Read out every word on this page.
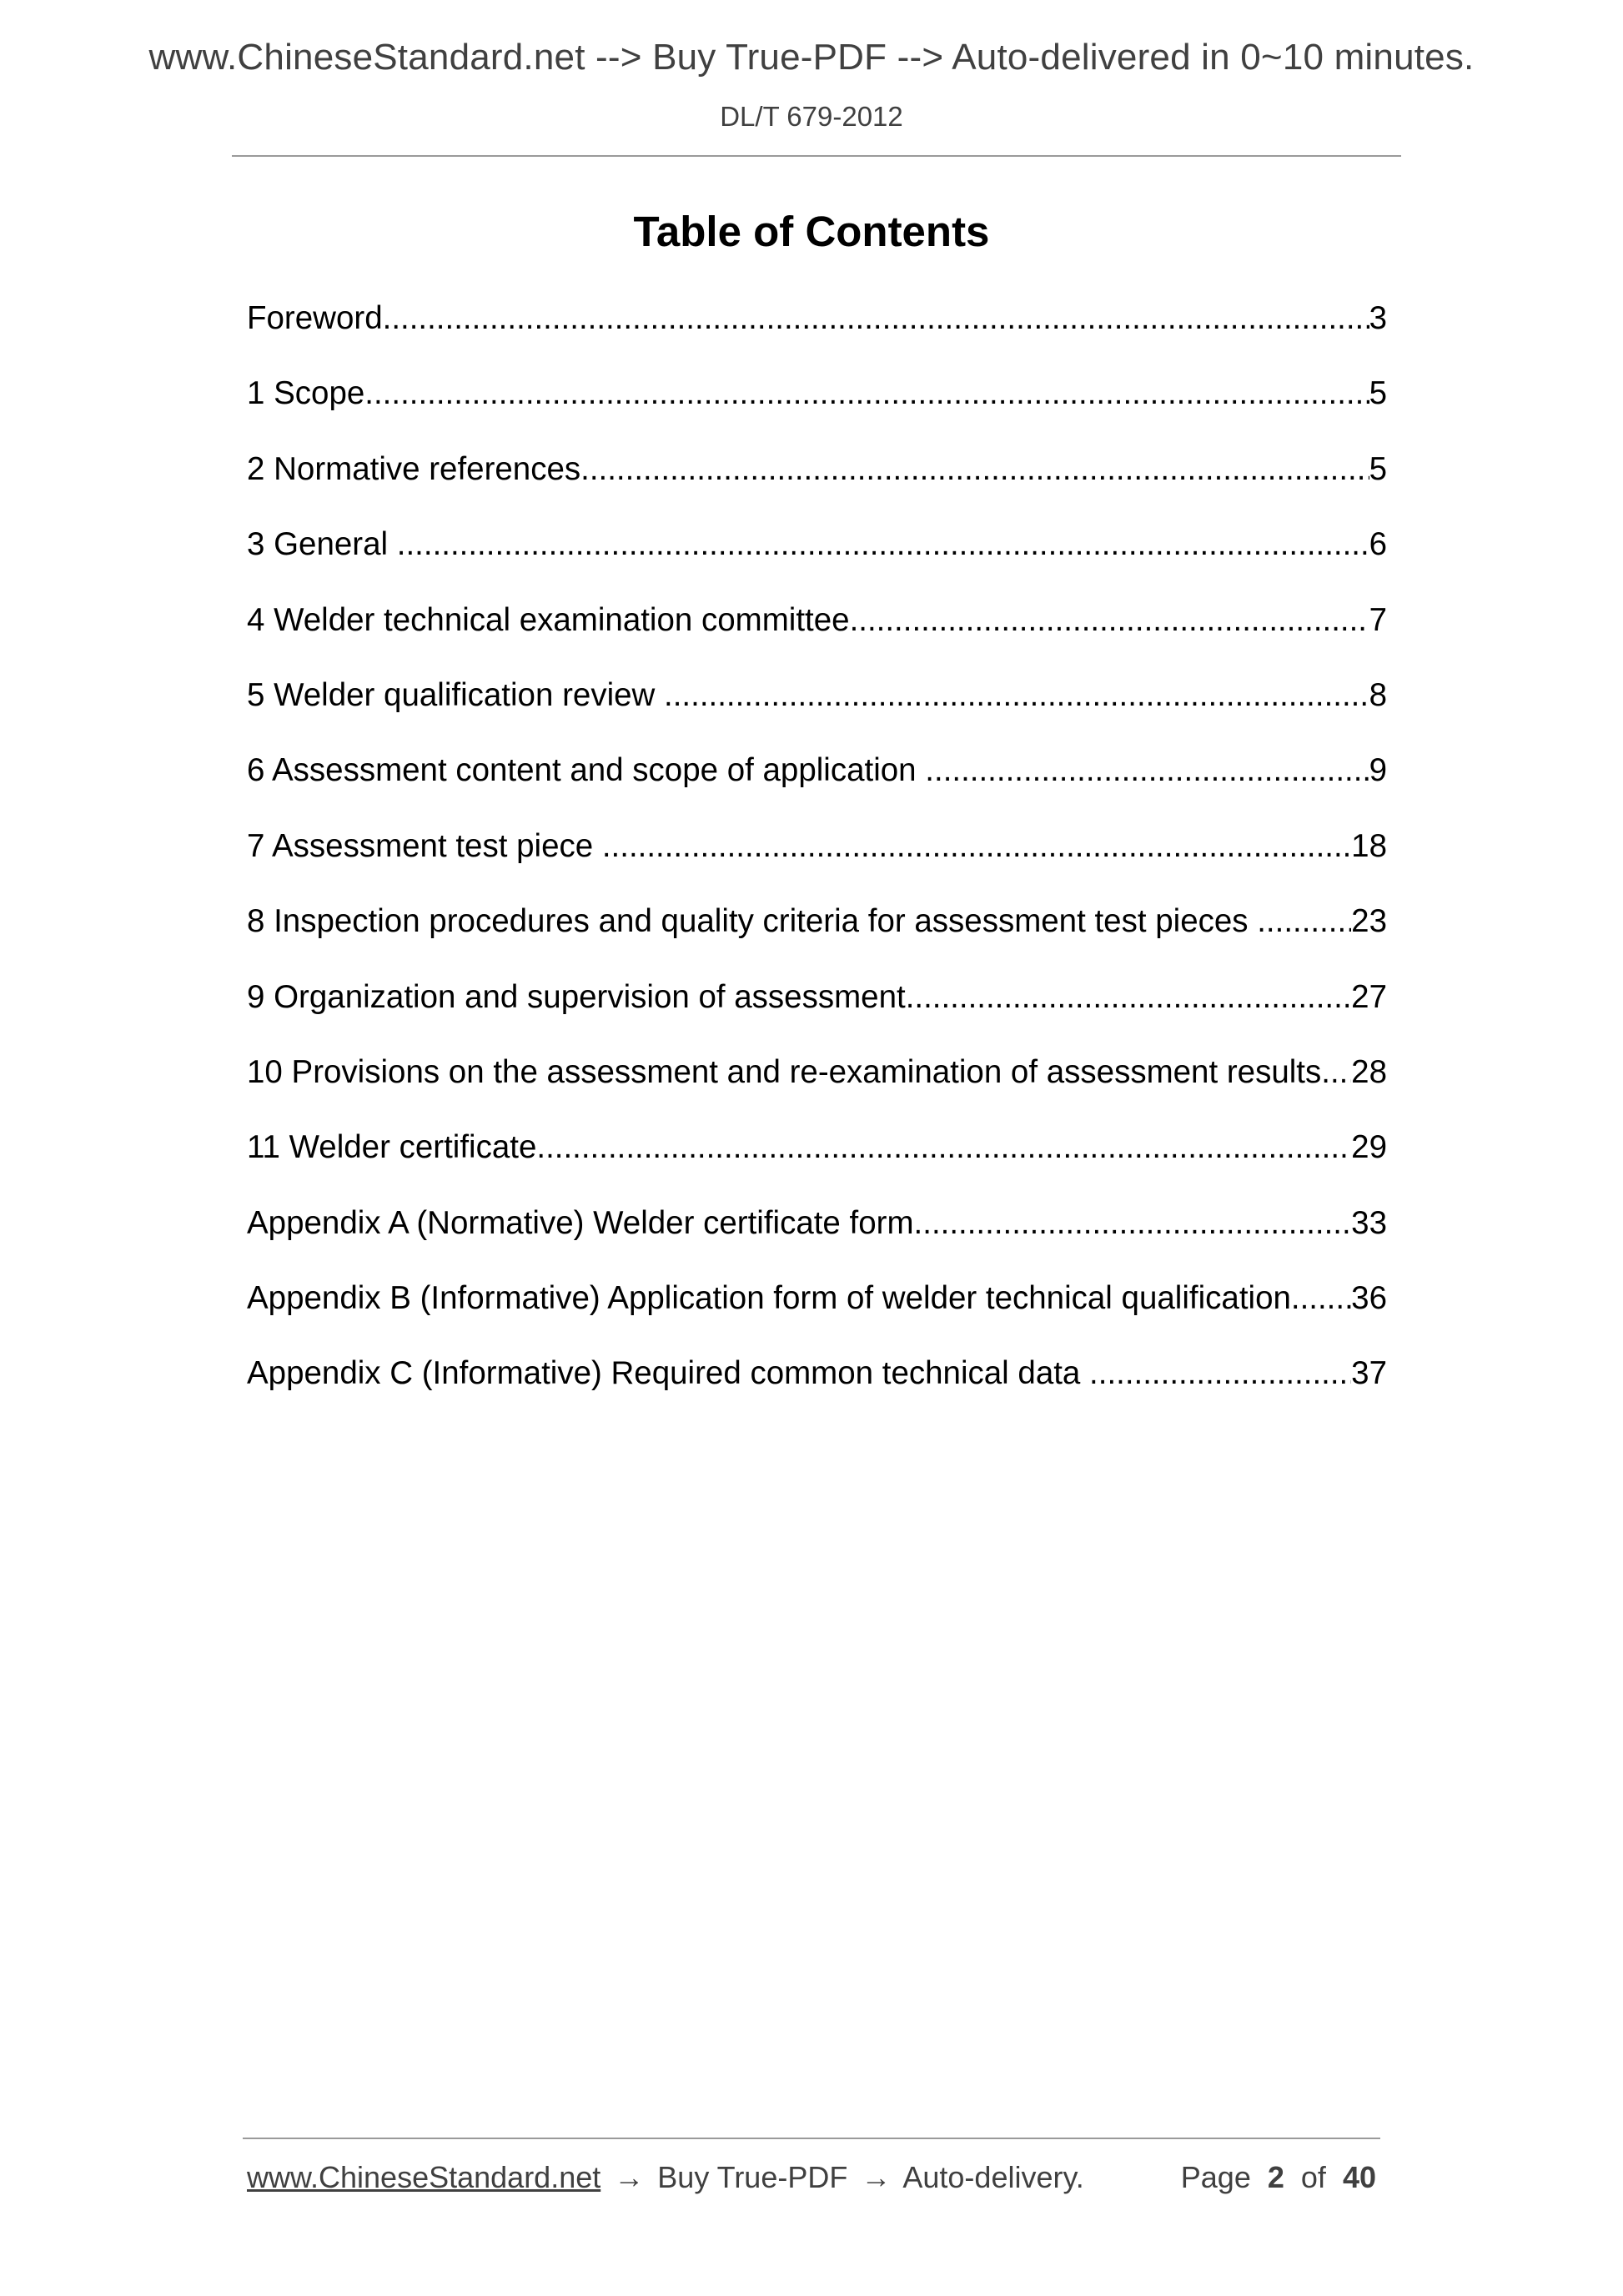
www.ChineseStandard.net --> Buy True-PDF --> Auto-delivered in 0~10 minutes.
DL/T 679-2012
Table of Contents
Foreword .....	3
1 Scope .....	5
2 Normative references .....	5
3 General .....	6
4 Welder technical examination committee .....	7
5 Welder qualification review .....	8
6 Assessment content and scope of application .....	9
7 Assessment test piece .....	18
8 Inspection procedures and quality criteria for assessment test pieces .....	23
9 Organization and supervision of assessment .....	27
10 Provisions on the assessment and re-examination of assessment results ..... 28
11 Welder certificate .....	29
Appendix A (Normative) Welder certificate form .....	33
Appendix B (Informative) Application form of welder technical qualification ..... 36
Appendix C (Informative) Required common technical data .....	37
www.ChineseStandard.net → Buy True-PDF → Auto-delivery.	Page 2 of 40
